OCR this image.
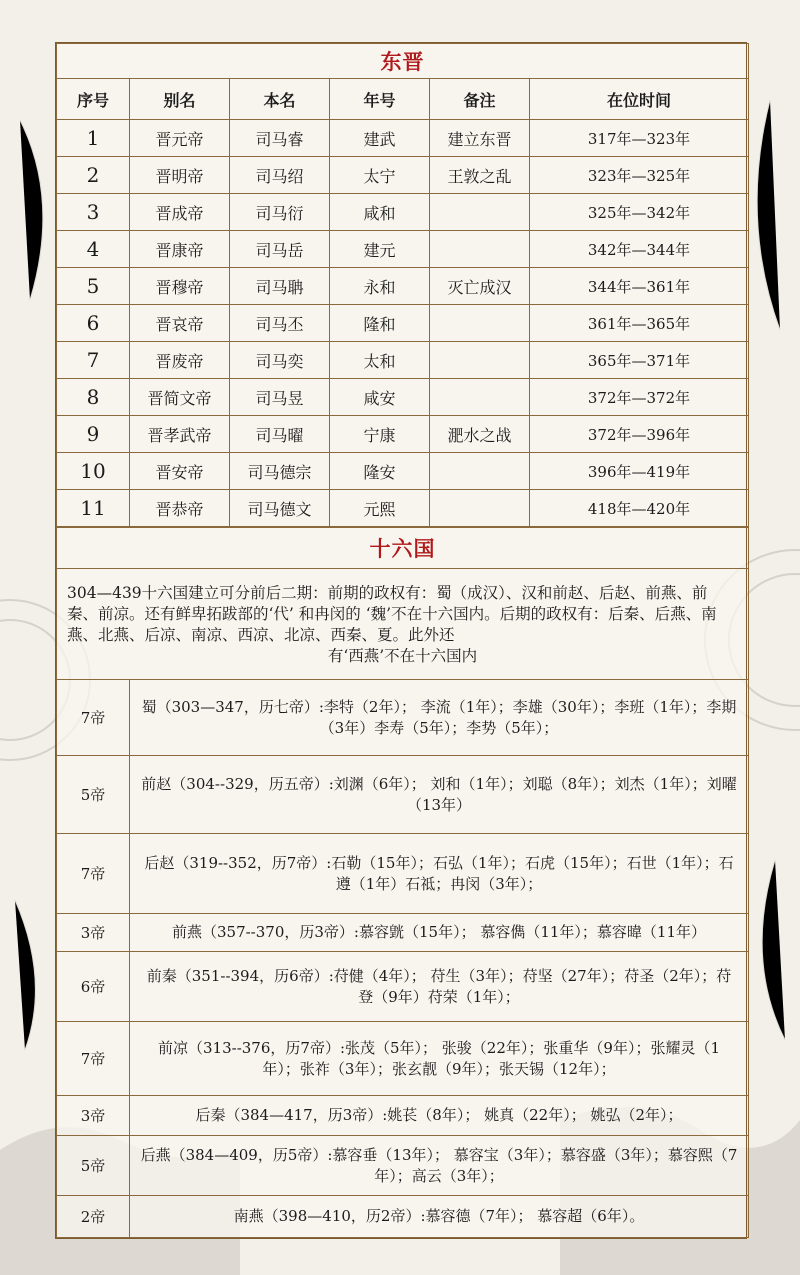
东晋					
序号	别名	本名	年号	备注	在位时间
1	晋元帝	司马睿	建武	建立东晋	317年—323年
2	晋明帝	司马绍	太宁	王敦之乱	323年—325年
3	晋成帝	司马衍	咸和		325年—342年
4	晋康帝	司马岳	建元		342年—344年
5	晋穆帝	司马聃	永和	灭亡成汉	344年—361年
6	晋哀帝	司马丕	隆和		361年—365年
7	晋废帝	司马奕	太和		365年—371年
8	晋简文帝	司马昱	咸安		372年—372年
9	晋孝武帝	司马曜	宁康	淝水之战	372年—396年
10	晋安帝	司马德宗	隆安		396年—419年
11	晋恭帝	司马德文	元熙		418年—420年
十六国	

304—439十六国建立可分前后二期：前期的政权有：蜀（成汉）、汉和前赵、后赵、前燕、前秦、前凉。还有鲜卑拓跋部的‘代’ 和冉闵的 ‘魏’不在十六国内。后期的政权有：后秦、后燕、南燕、北燕、后凉、南凉、西凉、北凉、西秦、夏。此外还
有‘西燕’不在十六国内	

7帝	蜀（303—347，历七帝）:李特（2年）； 李流（1年）；李雄（30年）；李班（1年）；李期（3年）李寿（5年）；李势（5年）；
5帝	前赵（304--329，历五帝）:刘渊（6年）； 刘和（1年）；刘聪（8年）；刘杰（1年）；刘曜（13年）
7帝	后赵（319--352，历7帝）:石勒（15年）；石弘（1年）；石虎（15年）；石世（1年）；石遵（1年）石祗；冉闵（3年）；
3帝	前燕（357--370，历3帝）:慕容皝（15年）； 慕容儁（11年）；慕容暐（11年）
6帝	前秦（351--394，历6帝）:苻健（4年）； 苻生（3年）；苻坚（27年）；苻圣（2年）；苻登（9年）苻荣（1年）；
7帝	前凉（313--376，历7帝）:张茂（5年）； 张骏（22年）；张重华（9年）；张耀灵（1年）；张祚（3年）；张玄靓（9年）；张天锡（12年）；
3帝	后秦（384—417，历3帝）:姚苌（8年）； 姚真（22年）； 姚弘（2年）；
5帝	后燕（384—409，历5帝）:慕容垂（13年）； 慕容宝（3年）；慕容盛（3年）；慕容熙（7年）；高云（3年）；
2帝	南燕（398—410，历2帝）:慕容德（7年）； 慕容超（6年）。
